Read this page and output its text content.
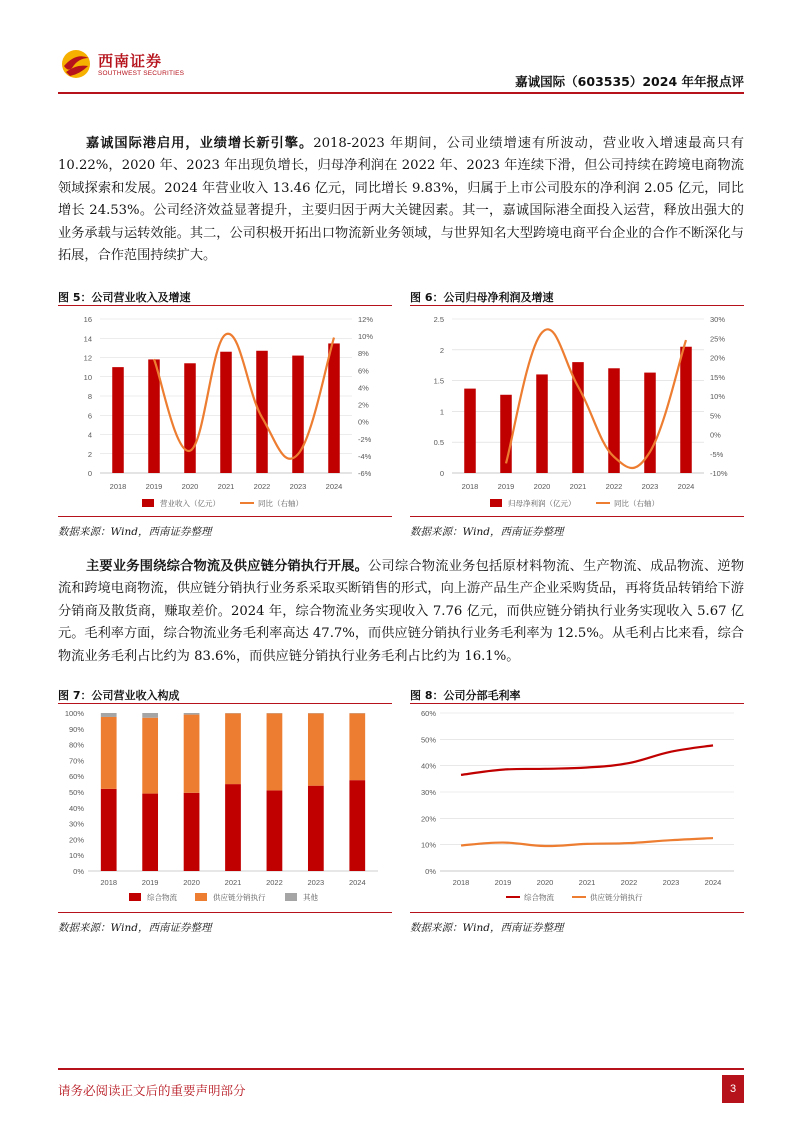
西南证券
SOUTHWEST SECURITIES
嘉诚国际（603535）2024 年年报点评
嘉诚国际港启用，业绩增长新引擎。2018-2023 年期间，公司业绩增速有所波动，营业收入增速最高只有 10.22%，2020 年、2023 年出现负增长，归母净利润在 2022 年、2023 年连续下滑，但公司持续在跨境电商物流领域探索和发展。2024 年营业收入 13.46 亿元，同比增长 9.83%，归属于上市公司股东的净利润 2.05 亿元，同比增长 24.53%。公司经济效益显著提升，主要归因于两大关键因素。其一，嘉诚国际港全面投入运营，释放出强大的业务承载与运转效能。其二，公司积极开拓出口物流新业务领域，与世界知名大型跨境电商平台企业的合作不断深化与拓展，合作范围持续扩大。
图 5：公司营业收入及增速	图 6：公司归母净利润及增速
0
2
4
6
8
10
12
14
16
-6%
-4%
-2%
0%
2%
4%
6%
8%
10%
12%
2018	2019	2020	2021	2022	2023	2024
营业收入（亿元）	同比（右轴）
0
0.5
1
1.5
2
2.5
-10%
-5%
0%
5%
10%
15%
20%
25%
30%
2018	2019	2020	2021	2022	2023	2024
归母净利润（亿元）	同比（右轴）
数据来源：Wind，西南证券整理	数据来源：Wind，西南证券整理
主要业务围绕综合物流及供应链分销执行开展。公司综合物流业务包括原材料物流、生产物流、成品物流、逆物流和跨境电商物流，供应链分销执行业务系采取买断销售的形式，向上游产品生产企业采购货品，再将货品转销给下游分销商及散货商，赚取差价。2024 年，综合物流业务实现收入 7.76 亿元，而供应链分销执行业务实现收入 5.67 亿元。毛利率方面，综合物流业务毛利率高达 47.7%，而供应链分销执行业务毛利率为 12.5%。从毛利占比来看，综合物流业务毛利占比约为 83.6%，而供应链分销执行业务毛利占比约为 16.1%。
图 7：公司营业收入构成	图 8：公司分部毛利率
0%
10%
20%
30%
40%
50%
60%
70%
80%
90%
100%
2018	2019	2020	2021	2022	2023	2024
综合物流	供应链分销执行	其他
0%
10%
20%
30%
40%
50%
60%
2018	2019	2020	2021	2022	2023	2024
综合物流	供应链分销执行
数据来源：Wind，西南证券整理	数据来源：Wind，西南证券整理
请务必阅读正文后的重要声明部分	3
